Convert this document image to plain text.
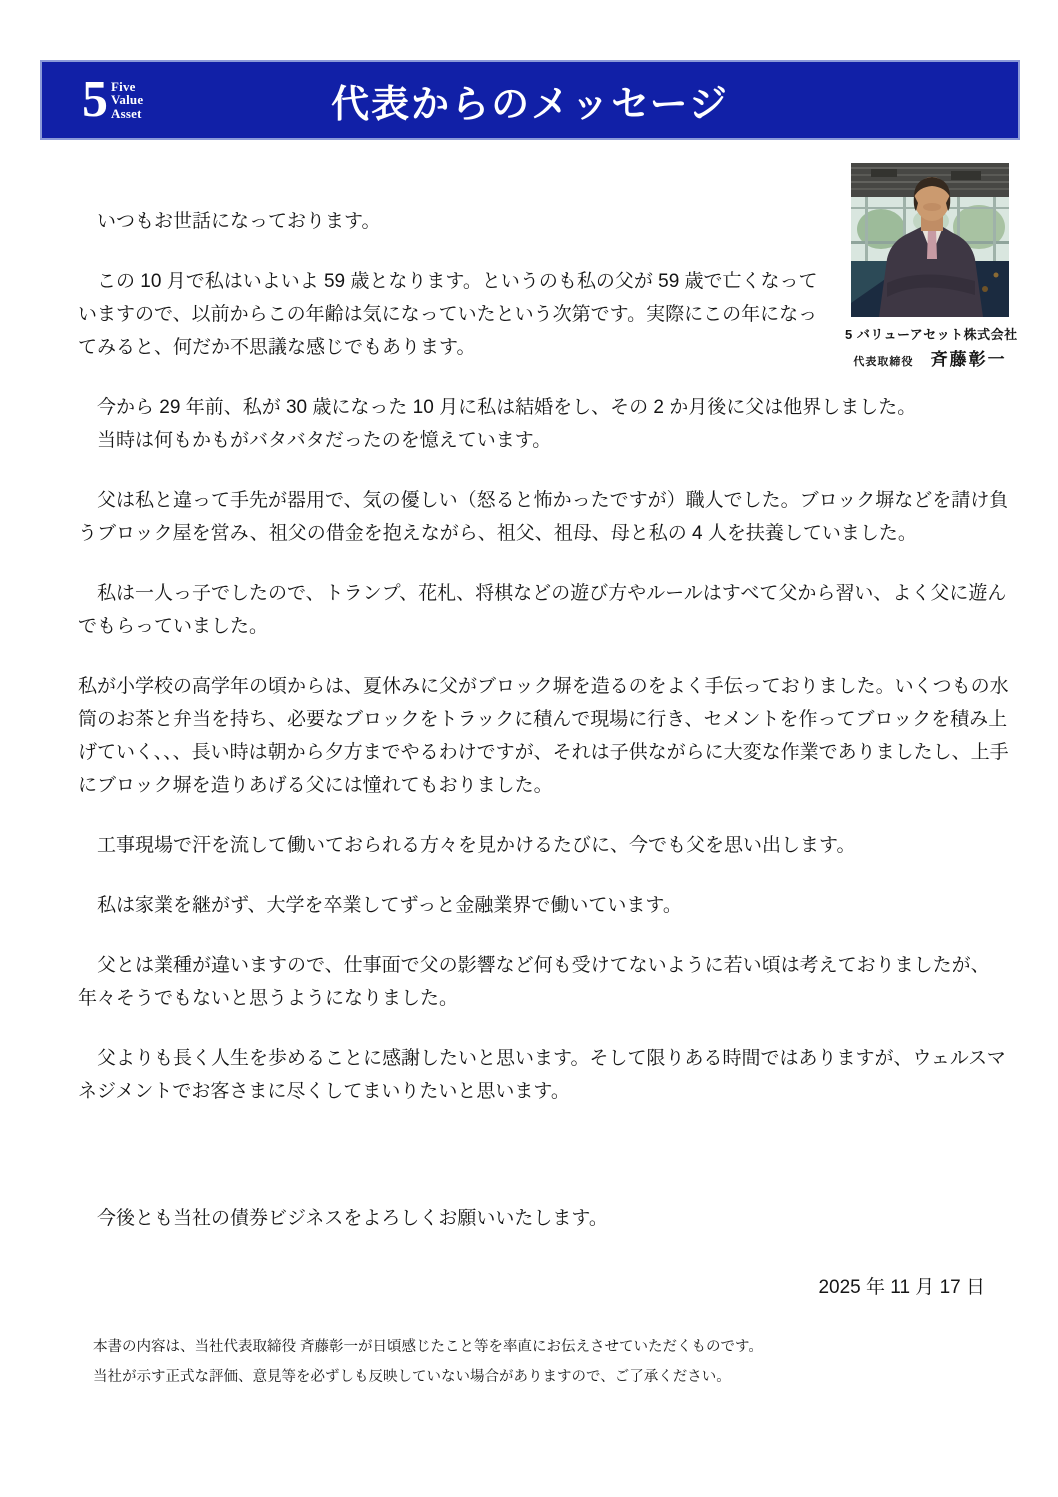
5 Five
Value
Asset	代表からのメッセージ
5 バリューアセット株式会社
代表取締役 斉藤彰一

いつもお世話になっております。

この 10 月で私はいよいよ 59 歳となります。というのも私の父が 59 歳で亡くなっていますので、以前からこの年齢は気になっていたという次第です。実際にこの年になってみると、何だか不思議な感じでもあります。

今から 29 年前、私が 30 歳になった 10 月に私は結婚をし、その 2 か月後に父は他界しました。

当時は何もかもがバタバタだったのを憶えています。

父は私と違って手先が器用で、気の優しい（怒ると怖かったですが）職人でした。ブロック塀などを請け負うブロック屋を営み、祖父の借金を抱えながら、祖父、祖母、母と私の 4 人を扶養していました。

私は一人っ子でしたので、トランプ、花札、将棋などの遊び方やルールはすべて父から習い、よく父に遊んでもらっていました。

私が小学校の高学年の頃からは、夏休みに父がブロック塀を造るのをよく手伝っておりました。いくつもの水筒のお茶と弁当を持ち、必要なブロックをトラックに積んで現場に行き、セメントを作ってブロックを積み上げていく、、、長い時は朝から夕方までやるわけですが、それは子供ながらに大変な作業でありましたし、上手にブロック塀を造りあげる父には憧れてもおりました。

工事現場で汗を流して働いておられる方々を見かけるたびに、今でも父を思い出します。

私は家業を継がず、大学を卒業してずっと金融業界で働いています。

父とは業種が違いますので、仕事面で父の影響など何も受けてないように若い頃は考えておりましたが、年々そうでもないと思うようになりました。

父よりも長く人生を歩めることに感謝したいと思います。そして限りある時間ではありますが、ウェルスマネジメントでお客さまに尽くしてまいりたいと思います。

今後とも当社の債券ビジネスをよろしくお願いいたします。

2025 年 11 月 17 日

本書の内容は、当社代表取締役 斉藤彰一が日頃感じたこと等を率直にお伝えさせていただくものです。

当社が示す正式な評価、意見等を必ずしも反映していない場合がありますので、ご了承ください。
